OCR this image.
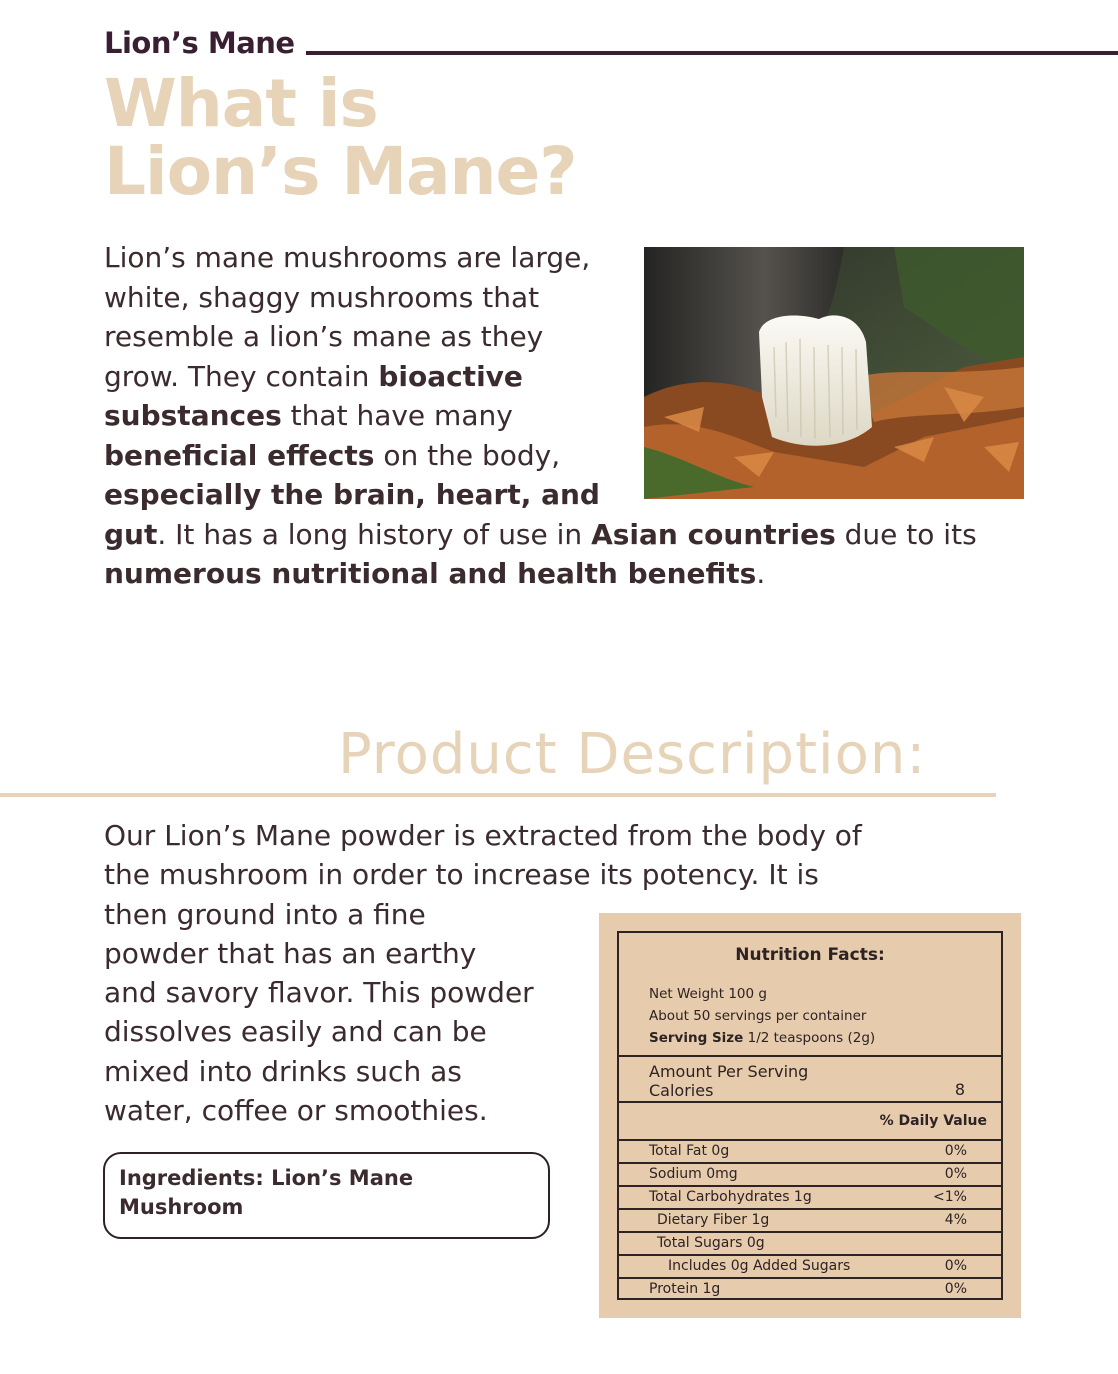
Lion’s Mane
What is
Lion’s Mane?
Lion’s mane mushrooms are large, white, shaggy mushrooms that resemble a lion’s mane as they grow. They contain bioactive substances that have many beneficial effects on the body, especially the brain, heart, and gut. It has a long history of use in Asian countries due to its numerous nutritional and health benefits.
Product Description:
Our Lion’s Mane powder is extracted from the body of
the mushroom in order to increase its potency. It is
then ground into a fine
powder that has an earthy
and savory flavor. This powder
dissolves easily and can be
mixed into drinks such as
water, coffee or smoothies.
Ingredients: Lion’s Mane
Mushroom
Nutrition Facts:
Net Weight 100 g
About 50 servings per container
Serving Size 1/2 teaspoons (2g)
Amount Per Serving
Calories	8
% Daily Value
Total Fat 0g	0%
Sodium 0mg	0%
Total Carbohydrates 1g	<1%
Dietary Fiber 1g	4%
Total Sugars 0g
Includes 0g Added Sugars	0%
Protein 1g	0%
